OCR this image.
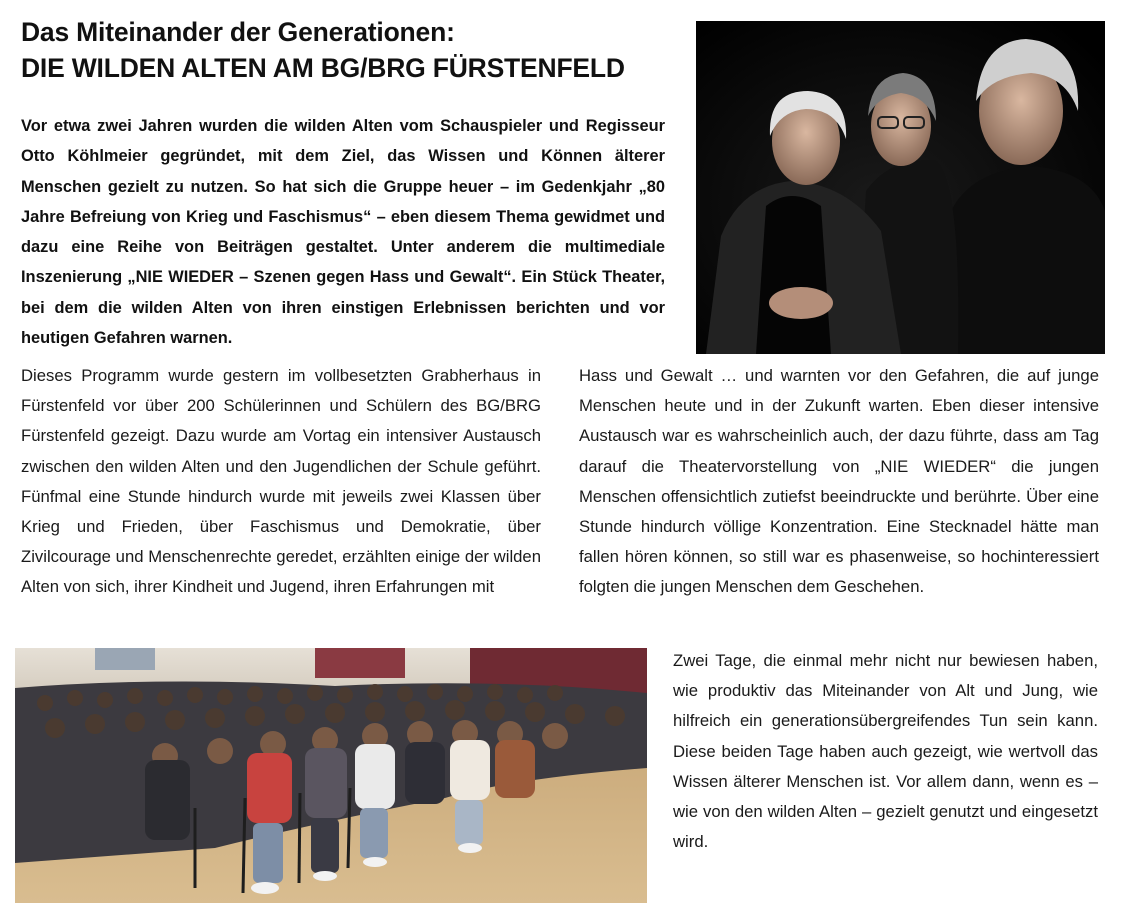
Das Miteinander der Generationen:
DIE WILDEN ALTEN AM BG/BRG FÜRSTENFELD

Vor etwa zwei Jahren wurden die wilden Alten vom Schauspieler und Regisseur Otto Köhlmeier gegründet, mit dem Ziel, das Wissen und Können älterer Menschen gezielt zu nutzen. So hat sich die Gruppe heuer – im Gedenkjahr „80 Jahre Befreiung von Krieg und Faschismus“ – eben diesem Thema gewidmet und dazu eine Reihe von Beiträgen gestaltet. Unter anderem die multimediale Inszenierung „NIE WIEDER – Szenen gegen Hass und Gewalt“. Ein Stück Theater, bei dem die wilden Alten von ihren einstigen Erlebnissen berichten und vor heutigen Gefahren warnen.

Dieses Programm wurde gestern im vollbesetzten Grabherhaus in Fürstenfeld vor über 200 Schülerinnen und Schülern des BG/BRG Fürstenfeld gezeigt. Dazu wurde am Vortag ein intensiver Austausch zwischen den wilden Alten und den Jugendlichen der Schule geführt. Fünfmal eine Stunde hindurch wurde mit jeweils zwei Klassen über Krieg und Frieden, über Faschismus und Demokratie, über Zivilcourage und Menschenrechte geredet, erzählten einige der wilden Alten von sich, ihrer Kindheit und Jugend, ihren Erfahrungen mit

Hass und Gewalt … und warnten vor den Gefahren, die auf junge Menschen heute und in der Zukunft warten. Eben dieser intensive Austausch war es wahrscheinlich auch, der dazu führte, dass am Tag darauf die Theatervorstellung von „NIE WIEDER“ die jungen Menschen offensichtlich zutiefst beeindruckte und berührte. Über eine Stunde hindurch völlige Konzentration. Eine Stecknadel hätte man fallen hören können, so still war es phasenweise, so hochinteressiert folgten die jungen Menschen dem Geschehen.

Zwei Tage, die einmal mehr nicht nur bewiesen haben, wie produktiv das Miteinander von Alt und Jung, wie hilfreich ein generationsübergreifendes Tun sein kann. Diese beiden Tage haben auch gezeigt, wie wertvoll das Wissen älterer Menschen ist. Vor allem dann, wenn es – wie von den wilden Alten – gezielt genutzt und eingesetzt wird.
